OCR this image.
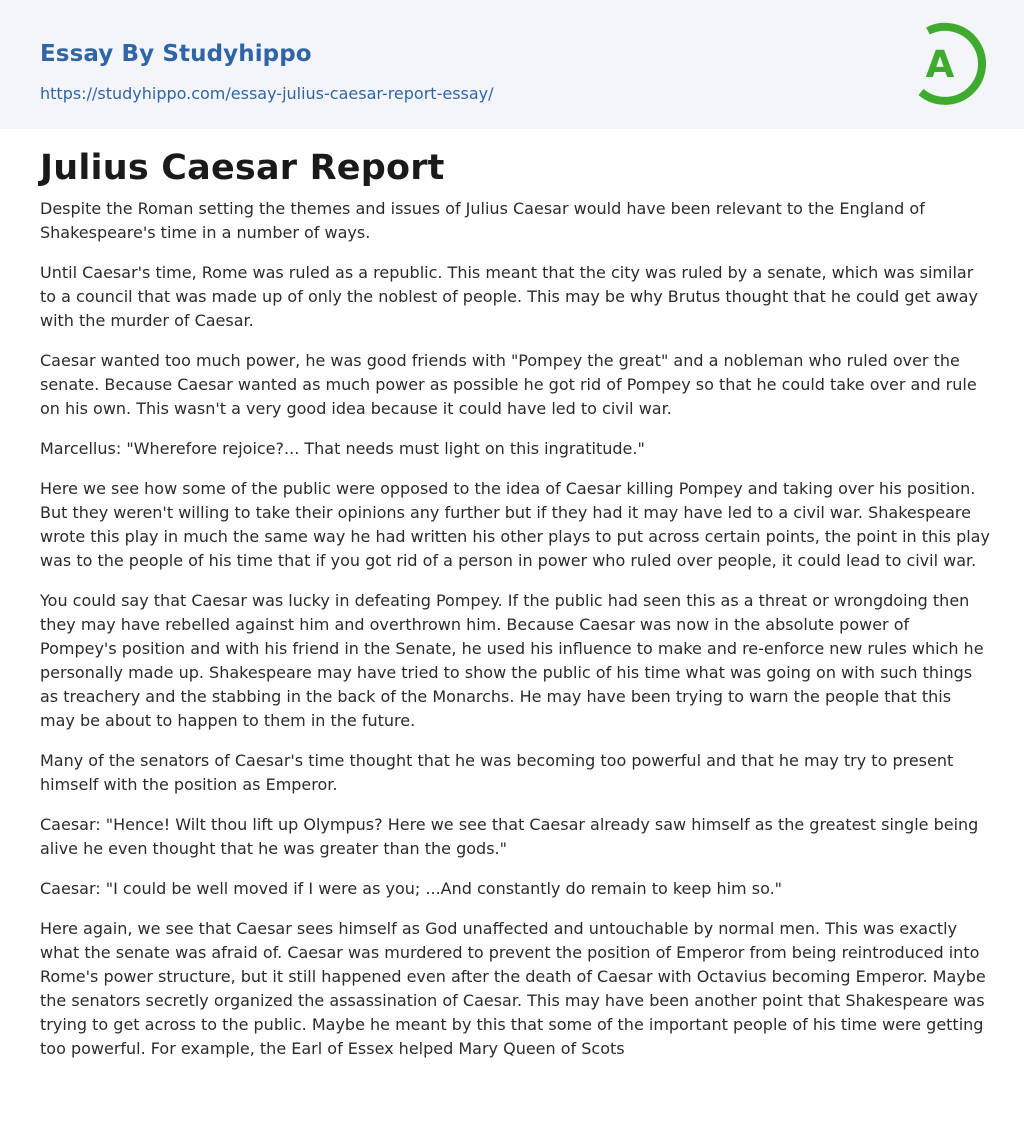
Essay By Studyhippo
https://studyhippo.com/essay-julius-caesar-report-essay/
A
Julius Caesar Report

Despite the Roman setting the themes and issues of Julius Caesar would have been relevant to the England of Shakespeare's time in a number of ways.

Until Caesar's time, Rome was ruled as a republic. This meant that the city was ruled by a senate, which was similar to a council that was made up of only the noblest of people. This may be why Brutus thought that he could get away with the murder of Caesar.

Caesar wanted too much power, he was good friends with "Pompey the great" and a nobleman who ruled over the senate. Because Caesar wanted as much power as possible he got rid of Pompey so that he could take over and rule on his own. This wasn't a very good idea because it could have led to civil war.

Marcellus: "Wherefore rejoice?... That needs must light on this ingratitude."

Here we see how some of the public were opposed to the idea of Caesar killing Pompey and taking over his position. But they weren't willing to take their opinions any further but if they had it may have led to a civil war. Shakespeare wrote this play in much the same way he had written his other plays to put across certain points, the point in this play was to the people of his time that if you got rid of a person in power who ruled over people, it could lead to civil war.

You could say that Caesar was lucky in defeating Pompey. If the public had seen this as a threat or wrongdoing then they may have rebelled against him and overthrown him. Because Caesar was now in the absolute power of Pompey's position and with his friend in the Senate, he used his influence to make and re-enforce new rules which he personally made up. Shakespeare may have tried to show the public of his time what was going on with such things as treachery and the stabbing in the back of the Monarchs. He may have been trying to warn the people that this may be about to happen to them in the future.

Many of the senators of Caesar's time thought that he was becoming too powerful and that he may try to present himself with the position as Emperor.

Caesar: "Hence! Wilt thou lift up Olympus? Here we see that Caesar already saw himself as the greatest single being alive he even thought that he was greater than the gods."

Caesar: "I could be well moved if I were as you; ...And constantly do remain to keep him so."

Here again, we see that Caesar sees himself as God unaffected and untouchable by normal men. This was exactly what the senate was afraid of. Caesar was murdered to prevent the position of Emperor from being reintroduced into Rome's power structure, but it still happened even after the death of Caesar with Octavius becoming Emperor. Maybe the senators secretly organized the assassination of Caesar. This may have been another point that Shakespeare was trying to get across to the public. Maybe he meant by this that some of the important people of his time were getting too powerful. For example, the Earl of Essex helped Mary Queen of Scots
